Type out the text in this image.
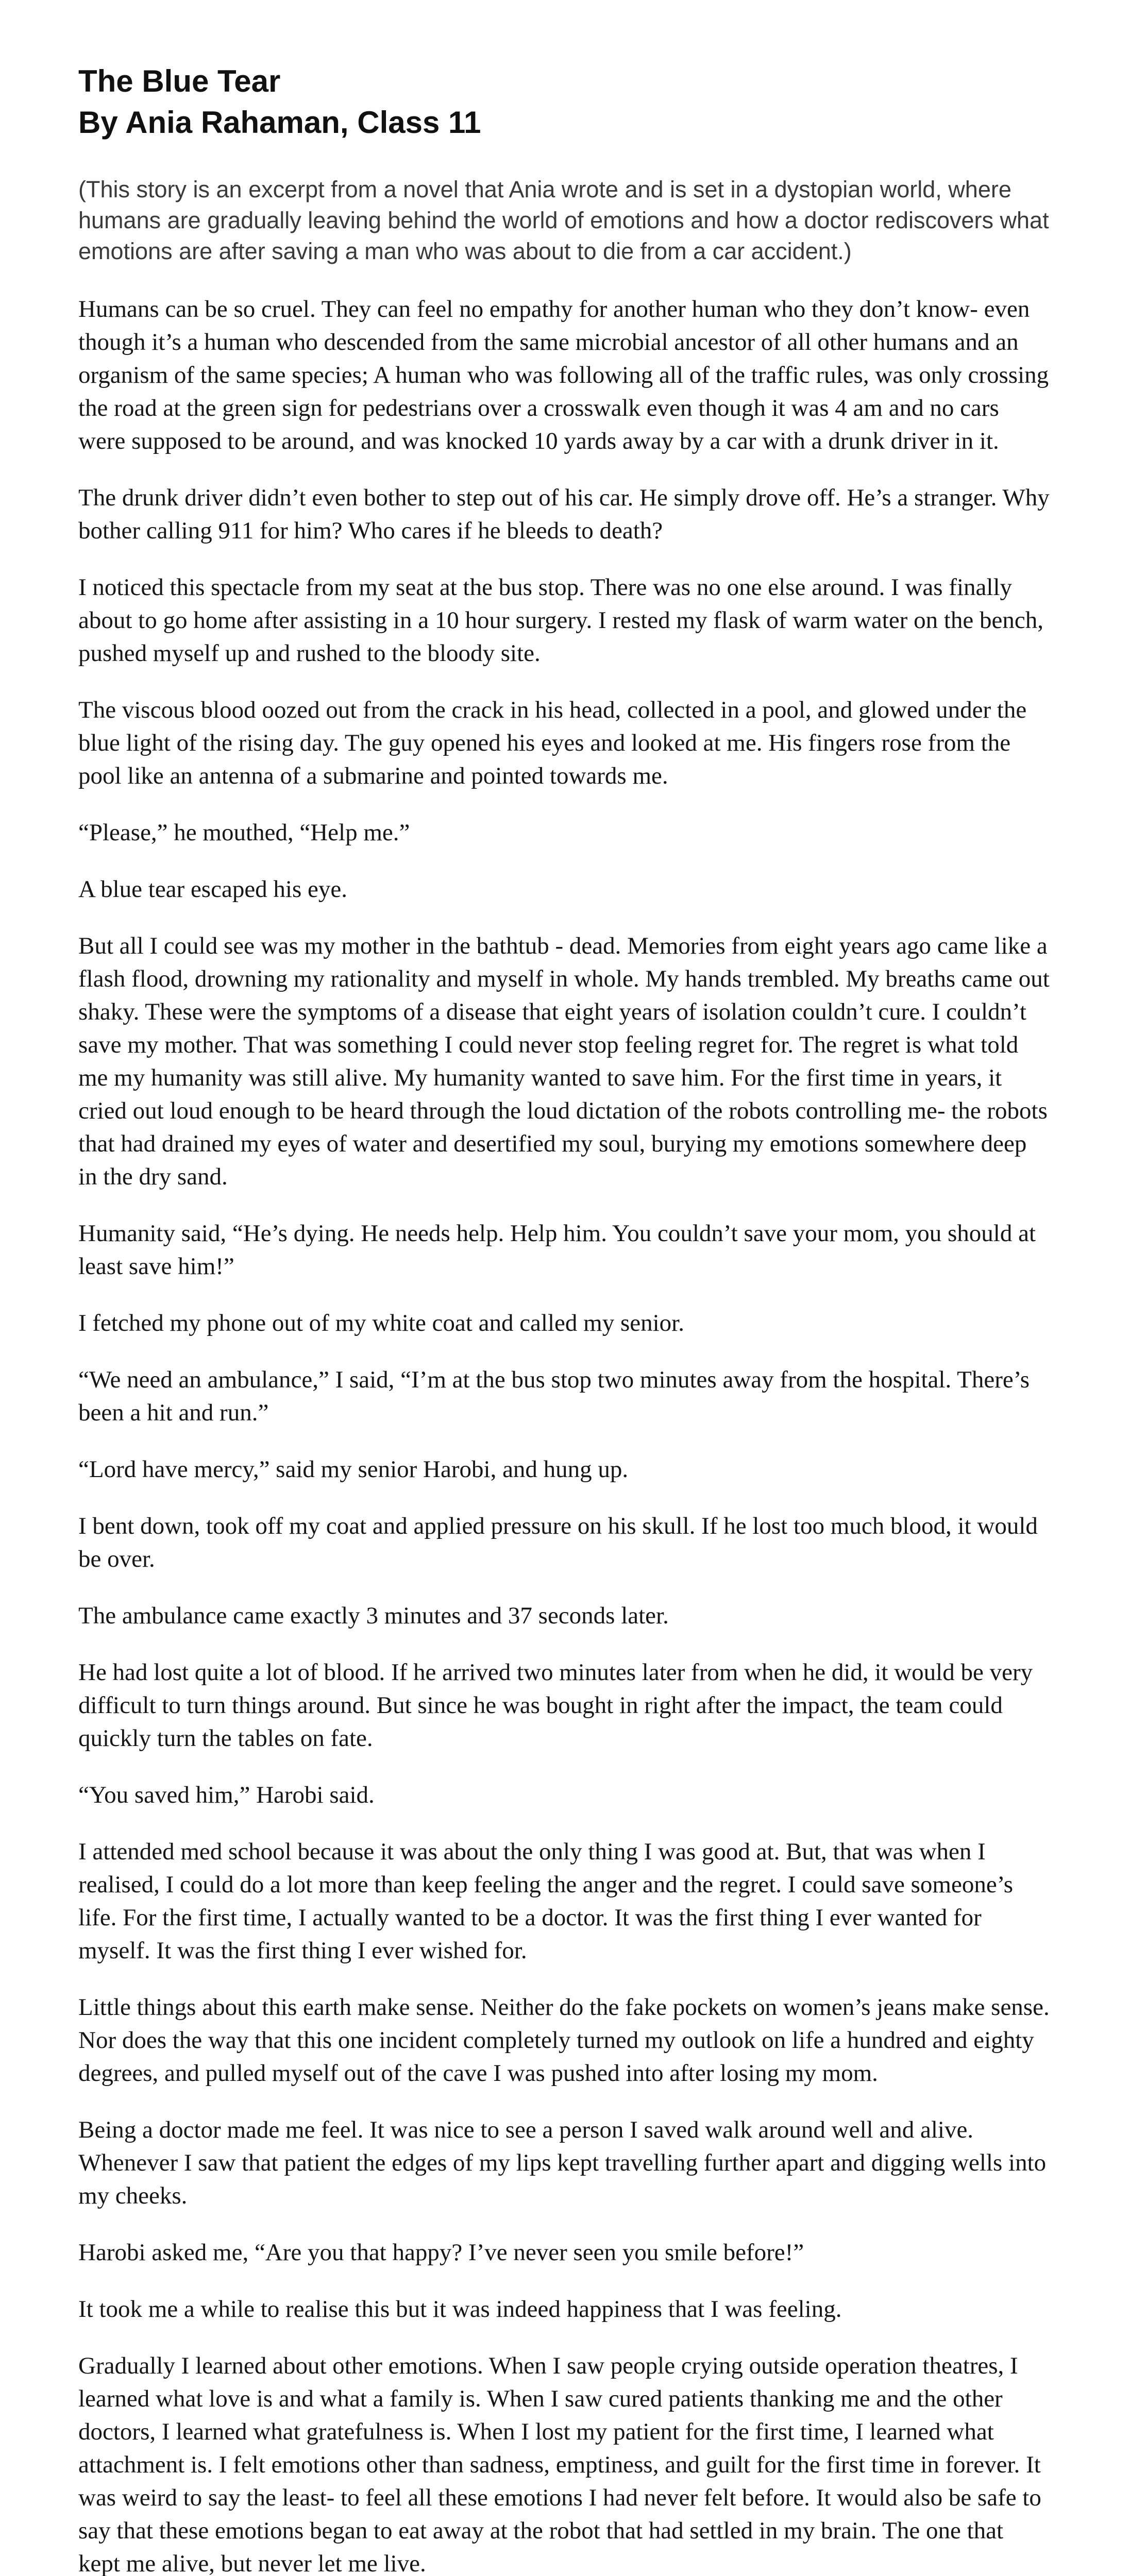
The Blue Tear
By Ania Rahaman, Class 11

(This story is an excerpt from a novel that Ania wrote and is set in a dystopian world, where humans are gradually leaving behind the world of emotions and how a doctor rediscovers what emotions are after saving a man who was about to die from a car accident.)

Humans can be so cruel. They can feel no empathy for another human who they don’t know- even though it’s a human who descended from the same microbial ancestor of all other humans and an organism of the same species; A human who was following all of the traffic rules, was only crossing the road at the green sign for pedestrians over a crosswalk even though it was 4 am and no cars were supposed to be around, and was knocked 10 yards away by a car with a drunk driver in it.

The drunk driver didn’t even bother to step out of his car. He simply drove off. He’s a stranger. Why bother calling 911 for him? Who cares if he bleeds to death?

I noticed this spectacle from my seat at the bus stop. There was no one else around. I was finally about to go home after assisting in a 10 hour surgery. I rested my flask of warm water on the bench, pushed myself up and rushed to the bloody site.

The viscous blood oozed out from the crack in his head, collected in a pool, and glowed under the blue light of the rising day. The guy opened his eyes and looked at me. His fingers rose from the pool like an antenna of a submarine and pointed towards me.

“Please,” he mouthed, “Help me.”

A blue tear escaped his eye.

But all I could see was my mother in the bathtub - dead. Memories from eight years ago came like a flash flood, drowning my rationality and myself in whole. My hands trembled. My breaths came out shaky. These were the symptoms of a disease that eight years of isolation couldn’t cure. I couldn’t save my mother. That was something I could never stop feeling regret for. The regret is what told me my humanity was still alive. My humanity wanted to save him. For the first time in years, it cried out loud enough to be heard through the loud dictation of the robots controlling me- the robots that had drained my eyes of water and desertified my soul, burying my emotions somewhere deep in the dry sand.

Humanity said, “He’s dying. He needs help. Help him. You couldn’t save your mom, you should at least save him!”

I fetched my phone out of my white coat and called my senior.

“We need an ambulance,” I said, “I’m at the bus stop two minutes away from the hospital. There’s been a hit and run.”

“Lord have mercy,” said my senior Harobi, and hung up.

I bent down, took off my coat and applied pressure on his skull. If he lost too much blood, it would be over.

The ambulance came exactly 3 minutes and 37 seconds later.

He had lost quite a lot of blood. If he arrived two minutes later from when he did, it would be very difficult to turn things around. But since he was bought in right after the impact, the team could quickly turn the tables on fate.

“You saved him,” Harobi said.

I attended med school because it was about the only thing I was good at. But, that was when I realised, I could do a lot more than keep feeling the anger and the regret. I could save someone’s life. For the first time, I actually wanted to be a doctor. It was the first thing I ever wanted for myself. It was the first thing I ever wished for.

Little things about this earth make sense. Neither do the fake pockets on women’s jeans make sense. Nor does the way that this one incident completely turned my outlook on life a hundred and eighty degrees, and pulled myself out of the cave I was pushed into after losing my mom.

Being a doctor made me feel. It was nice to see a person I saved walk around well and alive. Whenever I saw that patient the edges of my lips kept travelling further apart and digging wells into my cheeks.

Harobi asked me, “Are you that happy? I’ve never seen you smile before!”

It took me a while to realise this but it was indeed happiness that I was feeling.

Gradually I learned about other emotions. When I saw people crying outside operation theatres, I learned what love is and what a family is. When I saw cured patients thanking me and the other doctors, I learned what gratefulness is. When I lost my patient for the first time, I learned what attachment is. I felt emotions other than sadness, emptiness, and guilt for the first time in forever. It was weird to say the least- to feel all these emotions I had never felt before. It would also be safe to say that these emotions began to eat away at the robot that had settled in my brain. The one that kept me alive, but never let me live.
